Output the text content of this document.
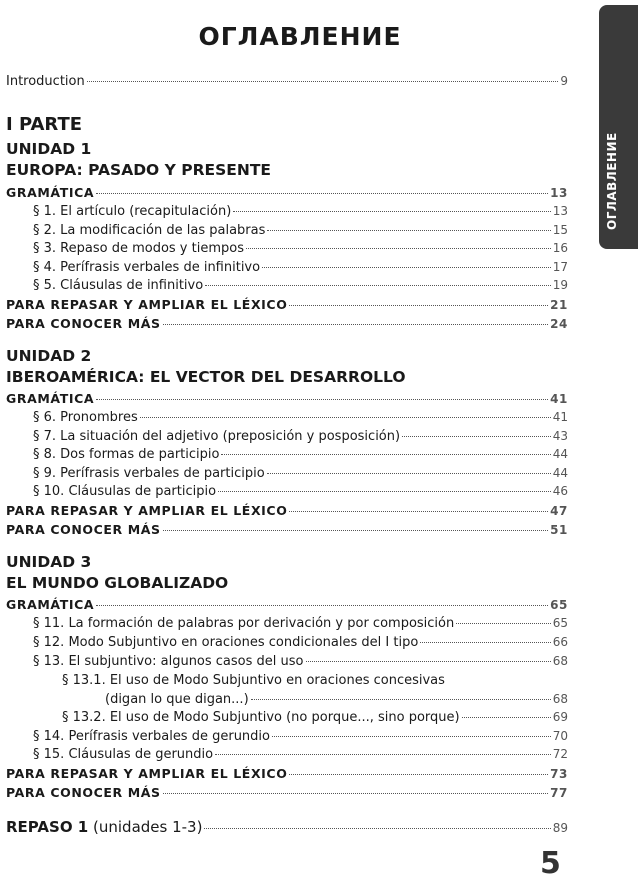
ОГЛАВЛЕНИЕ
ОГЛАВЛЕНИЕ
Introduction	9
I PARTE
UNIDAD 1
EUROPA: PASADO Y PRESENTE
GRAMÁTICA	13
§ 1. El artículo (recapitulación)	13
§ 2. La modificación de las palabras	15
§ 3. Repaso de modos y tiempos	16
§ 4. Perífrasis verbales de infinitivo	17
§ 5. Cláusulas de infinitivo	19
PARA REPASAR Y AMPLIAR EL LÉXICO	21
PARA CONOCER MÁS	24
UNIDAD 2
IBEROAMÉRICA: EL VECTOR DEL DESARROLLO
GRAMÁTICA	41
§ 6. Pronombres	41
§ 7. La situación del adjetivo (preposición y posposición)	43
§ 8. Dos formas de participio	44
§ 9. Perífrasis verbales de participio	44
§ 10. Cláusulas de participio	46
PARA REPASAR Y AMPLIAR EL LÉXICO	47
PARA CONOCER MÁS	51
UNIDAD 3
EL MUNDO GLOBALIZADO
GRAMÁTICA	65
§ 11. La formación de palabras por derivación y por composición	65
§ 12. Modo Subjuntivo en oraciones condicionales del I tipo	66
§ 13. El subjuntivo: algunos casos del uso	68
§ 13.1. El uso de Modo Subjuntivo en oraciones concesivas
(digan lo que digan...)	68
§ 13.2. El uso de Modo Subjuntivo (no porque..., sino porque)	69
§ 14. Perífrasis verbales de gerundio	70
§ 15. Cláusulas de gerundio	72
PARA REPASAR Y AMPLIAR EL LÉXICO	73
PARA CONOCER MÁS	77
REPASO 1 (unidades 1-3)	89
5
